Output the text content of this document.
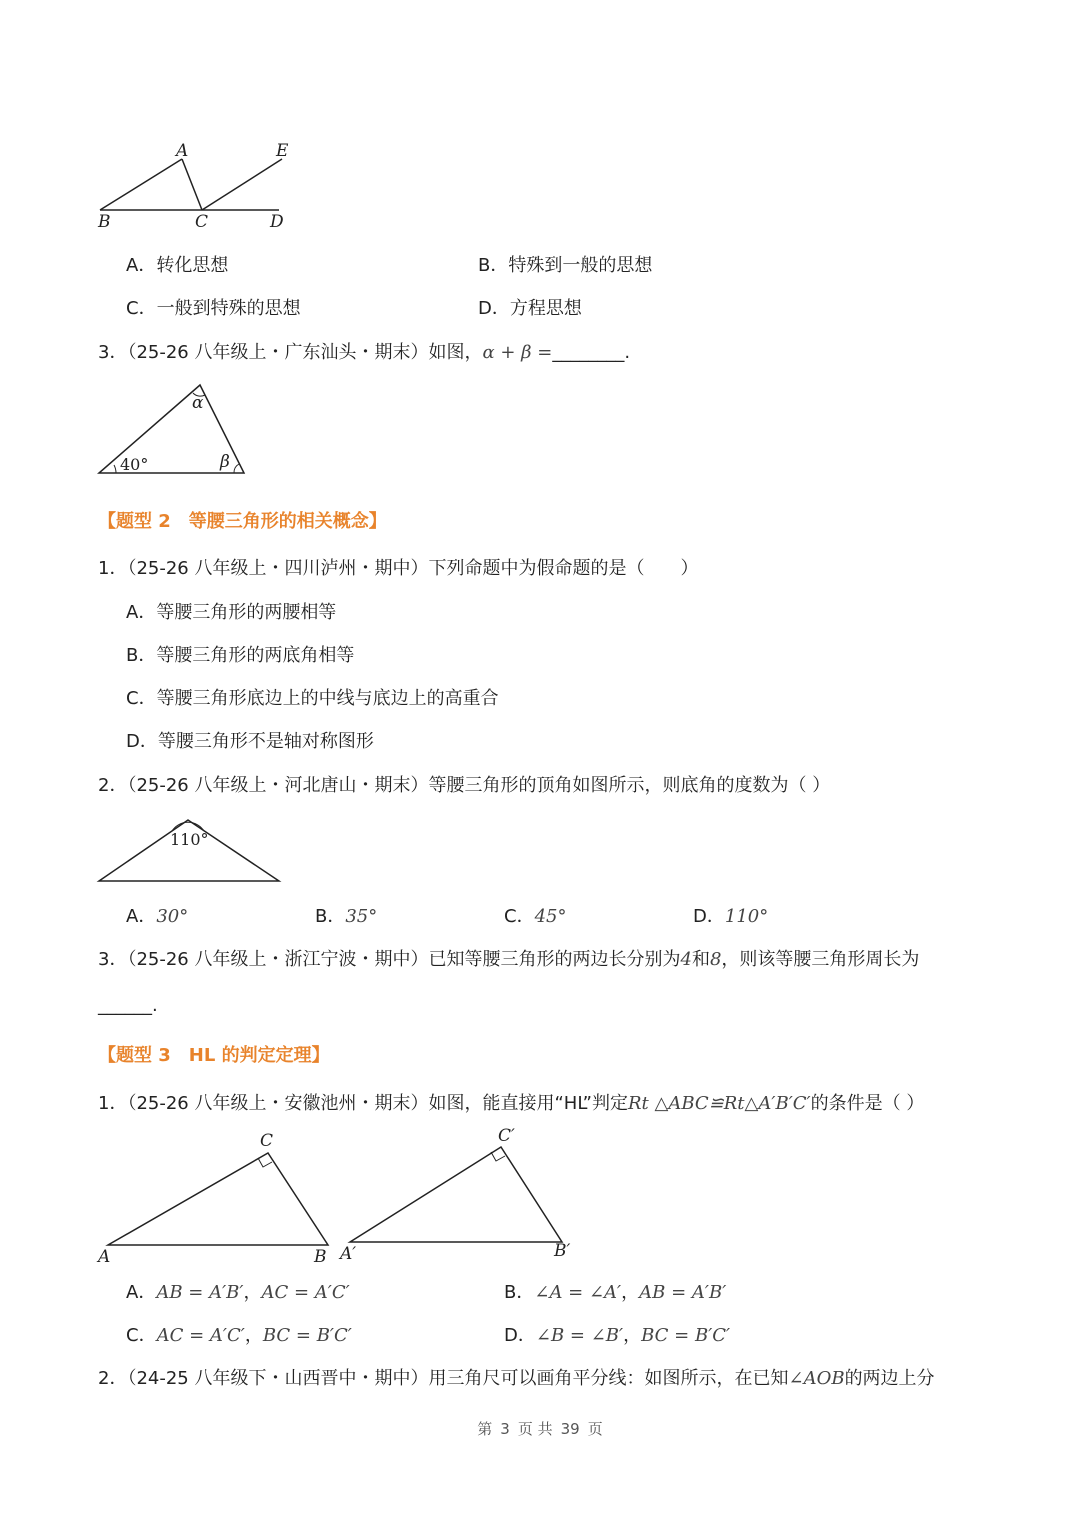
A	E
B	C	D
A．转化思想	B．特殊到一般的思想
C．一般到特殊的思想	D．方程思想
3．（25-26 八年级上・广东汕头・期末）如图，α + β =________.
α
40°	β
【题型 2 等腰三角形的相关概念】
1．（25-26 八年级上・四川泸州・期中）下列命题中为假命题的是（　　）
A．等腰三角形的两腰相等
B．等腰三角形的两底角相等
C．等腰三角形底边上的中线与底边上的高重合
D．等腰三角形不是轴对称图形
2．（25-26 八年级上・河北唐山・期末）等腰三角形的顶角如图所示，则底角的度数为（ ）
110°
A．30°	B．35°	C．45°	D．110°
3．（25-26 八年级上・浙江宁波・期中）已知等腰三角形的两边长分别为4和8，则该等腰三角形周长为
______.
【题型 3 HL 的判定定理】
1．（25-26 八年级上・安徽池州・期末）如图，能直接用“HL”判定Rt △ABC≌Rt△A′B′C′的条件是（ ）
C
A	B
C′
A′	B′
A．AB = A′B′，AC = A′C′	B．∠A = ∠A′，AB = A′B′
C．AC = A′C′，BC = B′C′	D．∠B = ∠B′，BC = B′C′
2．（24-25 八年级下・山西晋中・期中）用三角尺可以画角平分线：如图所示，在已知∠AOB的两边上分
第 3 页 共 39 页
